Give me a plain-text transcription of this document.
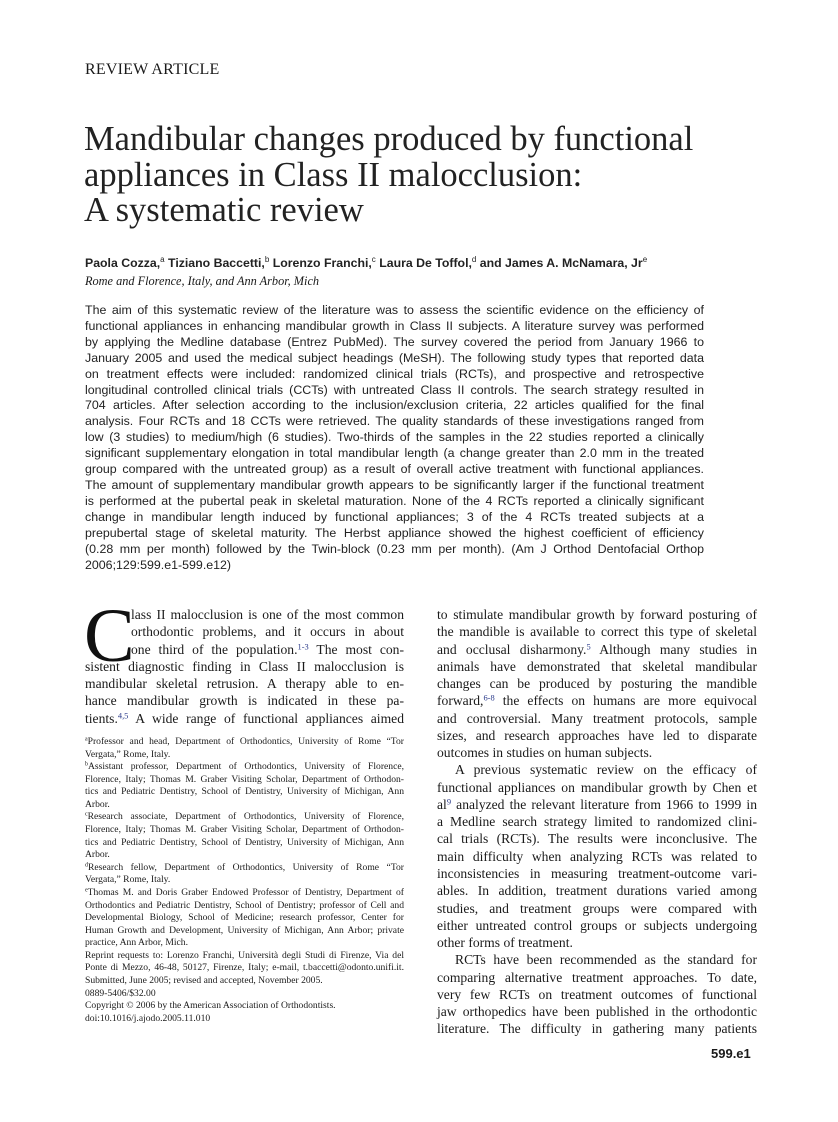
REVIEW ARTICLE
Mandibular changes produced by functional
appliances in Class II malocclusion:
A systematic review
Paola Cozza,$^a$ Tiziano Baccetti,$^b$ Lorenzo Franchi,$^c$ Laura De Toffol,$^d$ and James A. McNamara, Jr$^e$
Rome and Florence, Italy, and Ann Arbor, Mich
The aim of this systematic review of the literature was to assess the scientific evidence on the efficiency of
functional appliances in enhancing mandibular growth in Class II subjects. A literature survey was performed
by applying the Medline database (Entrez PubMed). The survey covered the period from January 1966 to
January 2005 and used the medical subject headings (MeSH). The following study types that reported data
on treatment effects were included: randomized clinical trials (RCTs), and prospective and retrospective
longitudinal controlled clinical trials (CCTs) with untreated Class II controls. The search strategy resulted in
704 articles. After selection according to the inclusion/exclusion criteria, 22 articles qualified for the final
analysis. Four RCTs and 18 CCTs were retrieved. The quality standards of these investigations ranged from
low (3 studies) to medium/high (6 studies). Two-thirds of the samples in the 22 studies reported a clinically
significant supplementary elongation in total mandibular length (a change greater than 2.0 mm in the treated
group compared with the untreated group) as a result of overall active treatment with functional appliances.
The amount of supplementary mandibular growth appears to be significantly larger if the functional treatment
is performed at the pubertal peak in skeletal maturation. None of the 4 RCTs reported a clinically significant
change in mandibular length induced by functional appliances; 3 of the 4 RCTs treated subjects at a
prepubertal stage of skeletal maturity. The Herbst appliance showed the highest coefficient of efficiency
(0.28 mm per month) followed by the Twin-block (0.23 mm per month). (Am J Orthod Dentofacial Orthop
2006;129:599.e1-599.e12)
C
lass II malocclusion is one of the most common
orthodontic problems, and it occurs in about
one third of the population.$^{1-3}$ The most con-
sistent diagnostic finding in Class II malocclusion is
mandibular skeletal retrusion. A therapy able to en-
hance mandibular growth is indicated in these pa-
tients.$^{4,5}$ A wide range of functional appliances aimed
$^a$Professor and head, Department of Orthodontics, University of Rome “Tor
Vergata,” Rome, Italy.
$^b$Assistant professor, Department of Orthodontics, University of Florence,
Florence, Italy; Thomas M. Graber Visiting Scholar, Department of Orthodon-
tics and Pediatric Dentistry, School of Dentistry, University of Michigan, Ann
Arbor.
$^c$Research associate, Department of Orthodontics, University of Florence,
Florence, Italy; Thomas M. Graber Visiting Scholar, Department of Orthodon-
tics and Pediatric Dentistry, School of Dentistry, University of Michigan, Ann
Arbor.
$^d$Research fellow, Department of Orthodontics, University of Rome “Tor
Vergata,” Rome, Italy.
$^e$Thomas M. and Doris Graber Endowed Professor of Dentistry, Department of
Orthodontics and Pediatric Dentistry, School of Dentistry; professor of Cell and
Developmental Biology, School of Medicine; research professor, Center for
Human Growth and Development, University of Michigan, Ann Arbor; private
practice, Ann Arbor, Mich.
Reprint requests to: Lorenzo Franchi, Università degli Studi di Firenze, Via del
Ponte di Mezzo, 46-48, 50127, Firenze, Italy; e-mail, t.baccetti@odonto.unifi.it.
Submitted, June 2005; revised and accepted, November 2005.
0889-5406/$32.00
Copyright © 2006 by the American Association of Orthodontists.
doi:10.1016/j.ajodo.2005.11.010
to stimulate mandibular growth by forward posturing of
the mandible is available to correct this type of skeletal
and occlusal disharmony.$^5$ Although many studies in
animals have demonstrated that skeletal mandibular
changes can be produced by posturing the mandible
forward,$^{6-8}$ the effects on humans are more equivocal
and controversial. Many treatment protocols, sample
sizes, and research approaches have led to disparate
outcomes in studies on human subjects.
A previous systematic review on the efficacy of
functional appliances on mandibular growth by Chen et
$al^9$ analyzed the relevant literature from 1966 to 1999 in
a Medline search strategy limited to randomized clini-
cal trials (RCTs). The results were inconclusive. The
main difficulty when analyzing RCTs was related to
inconsistencies in measuring treatment-outcome vari-
ables. In addition, treatment durations varied among
studies, and treatment groups were compared with
either untreated control groups or subjects undergoing
other forms of treatment.
RCTs have been recommended as the standard for
comparing alternative treatment approaches. To date,
very few RCTs on treatment outcomes of functional
jaw orthopedics have been published in the orthodontic
literature. The difficulty in gathering many patients
599.e1
